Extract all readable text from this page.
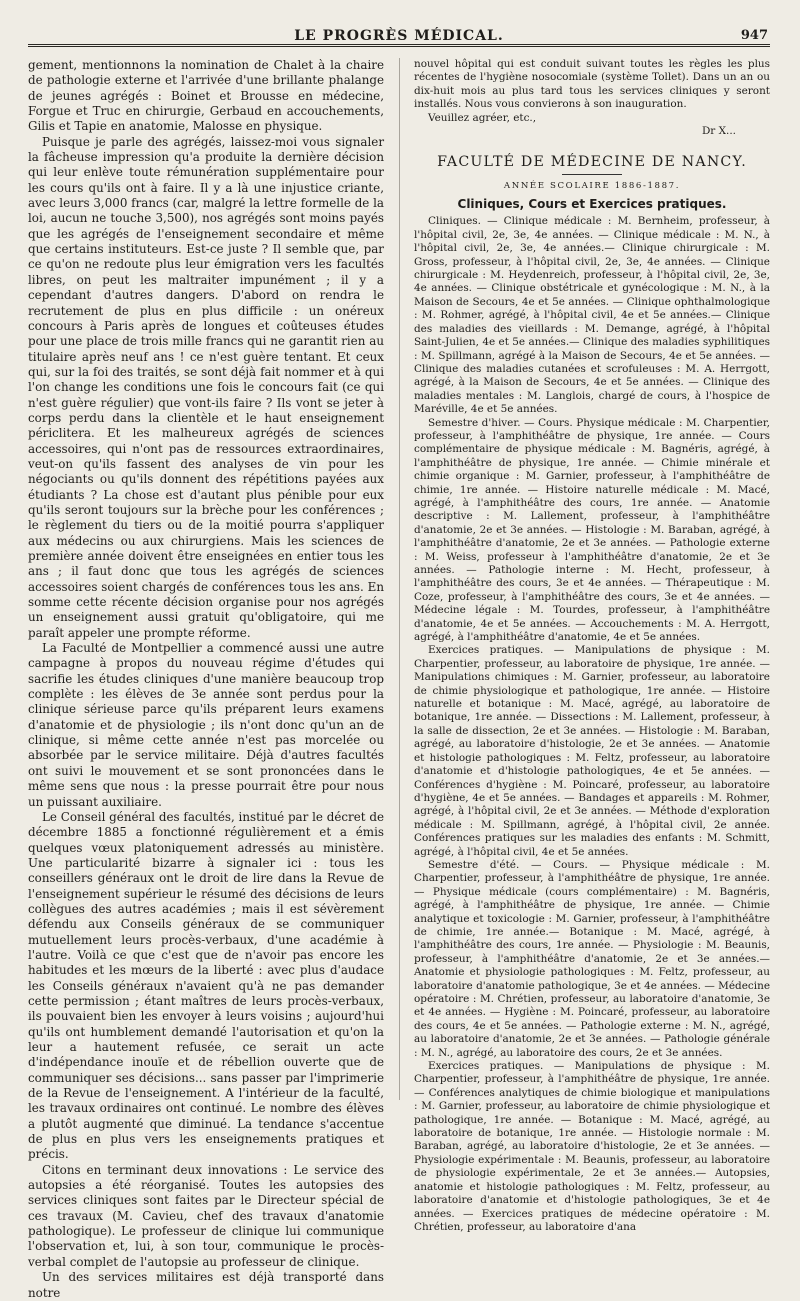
LE PROGRÈS MÉDICAL.	947

gement, mentionnons la nomination de Chalet à la chaire de pathologie externe et l'arrivée d'une brillante phalange de jeunes agrégés : Boinet et Brousse en médecine, Forgue et Truc en chirurgie, Gerbaud en accouchements, Gilis et Tapie en anatomie, Malosse en physique.

Puisque je parle des agrégés, laissez-moi vous signaler la fâcheuse impression qu'a produite la dernière décision qui leur enlève toute rémunération supplémentaire pour les cours qu'ils ont à faire. Il y a là une injustice criante, avec leurs 3,000 francs (car, malgré la lettre formelle de la loi, aucun ne touche 3,500), nos agrégés sont moins payés que les agrégés de l'enseignement secondaire et même que certains instituteurs. Est-ce juste ? Il semble que, par ce qu'on ne redoute plus leur émigration vers les facultés libres, on peut les maltraiter impunément ; il y a cependant d'autres dangers. D'abord on rendra le recrutement de plus en plus difficile : un onéreux concours à Paris après de longues et coûteuses études pour une place de trois mille francs qui ne garantit rien au titulaire après neuf ans ! ce n'est guère tentant. Et ceux qui, sur la foi des traités, se sont déjà fait nommer et à qui l'on change les conditions une fois le concours fait (ce qui n'est guère régulier) que vont-ils faire ? Ils vont se jeter à corps perdu dans la clientèle et le haut enseignement périclitera. Et les malheureux agrégés de sciences accessoires, qui n'ont pas de ressources extraordinaires, veut-on qu'ils fassent des analyses de vin pour les négociants ou qu'ils donnent des répétitions payées aux étudiants ? La chose est d'autant plus pénible pour eux qu'ils seront toujours sur la brèche pour les conférences ; le règlement du tiers ou de la moitié pourra s'appliquer aux médecins ou aux chirurgiens. Mais les sciences de première année doivent être enseignées en entier tous les ans ; il faut donc que tous les agrégés de sciences accessoires soient chargés de conférences tous les ans. En somme cette récente décision organise pour nos agrégés un enseignement aussi gratuit qu'obligatoire, qui me paraît appeler une prompte réforme.

La Faculté de Montpellier a commencé aussi une autre campagne à propos du nouveau régime d'études qui sacrifie les études cliniques d'une manière beaucoup trop complète : les élèves de 3e année sont perdus pour la clinique sérieuse parce qu'ils préparent leurs examens d'anatomie et de physiologie ; ils n'ont donc qu'un an de clinique, si même cette année n'est pas morcelée ou absorbée par le service militaire. Déjà d'autres facultés ont suivi le mouvement et se sont prononcées dans le même sens que nous : la presse pourrait être pour nous un puissant auxiliaire.

Le Conseil général des facultés, institué par le décret de décembre 1885 a fonctionné régulièrement et a émis quelques vœux platoniquement adressés au ministère. Une particularité bizarre à signaler ici : tous les conseillers généraux ont le droit de lire dans la Revue de l'enseignement supérieur le résumé des décisions de leurs collègues des autres académies ; mais il est sévèrement défendu aux Conseils généraux de se communiquer mutuellement leurs procès-verbaux, d'une académie à l'autre. Voilà ce que c'est que de n'avoir pas encore les habitudes et les mœurs de la liberté : avec plus d'audace les Conseils généraux n'avaient qu'à ne pas demander cette permission ; étant maîtres de leurs procès-verbaux, ils pouvaient bien les envoyer à leurs voisins ; aujourd'hui qu'ils ont humblement demandé l'autorisation et qu'on la leur a hautement refusée, ce serait un acte d'indépendance inouïe et de rébellion ouverte que de communiquer ses décisions... sans passer par l'imprimerie de la Revue de l'enseignement. A l'intérieur de la faculté, les travaux ordinaires ont continué. Le nombre des élèves a plutôt augmenté que diminué. La tendance s'accentue de plus en plus vers les enseignements pratiques et précis.

Citons en terminant deux innovations : Le service des autopsies a été réorganisé. Toutes les autopsies des services cliniques sont faites par le Directeur spécial de ces travaux (M. Cavieu, chef des travaux d'anatomie pathologique). Le professeur de clinique lui communique l'observation et, lui, à son tour, communique le procès-verbal complet de l'autopsie au professeur de clinique.

Un des services militaires est déjà transporté dans notre

nouvel hôpital qui est conduit suivant toutes les règles les plus récentes de l'hygiène nosocomiale (système Tollet). Dans un an ou dix-huit mois au plus tard tous les services cliniques y seront installés. Nous vous convierons à son inauguration.

Veuillez agréer, etc.,

Dr X...

FACULTÉ DE MÉDECINE DE NANCY.
ANNÉE SCOLAIRE 1886-1887.
Cliniques, Cours et Exercices pratiques.

Cliniques. — Clinique médicale : M. Bernheim, professeur, à l'hôpital civil, 2e, 3e, 4e années. — Clinique médicale : M. N., à l'hôpital civil, 2e, 3e, 4e années.— Clinique chirurgicale : M. Gross, professeur, à l'hôpital civil, 2e, 3e, 4e années. — Clinique chirurgicale : M. Heydenreich, professeur, à l'hôpital civil, 2e, 3e, 4e années. — Clinique obstétricale et gynécologique : M. N., à la Maison de Secours, 4e et 5e années. — Clinique ophthalmologique : M. Rohmer, agrégé, à l'hôpital civil, 4e et 5e années.— Clinique des maladies des vieillards : M. Demange, agrégé, à l'hôpital Saint-Julien, 4e et 5e années.— Clinique des maladies syphilitiques : M. Spillmann, agrégé à la Maison de Secours, 4e et 5e années. — Clinique des maladies cutanées et scrofuleuses : M. A. Herrgott, agrégé, à la Maison de Secours, 4e et 5e années. — Clinique des maladies mentales : M. Langlois, chargé de cours, à l'hospice de Maréville, 4e et 5e années.

Semestre d'hiver. — Cours. Physique médicale : M. Charpentier, professeur, à l'amphithéâtre de physique, 1re année. — Cours complémentaire de physique médicale : M. Bagnéris, agrégé, à l'amphithéâtre de physique, 1re année. — Chimie minérale et chimie organique : M. Garnier, professeur, à l'amphithéâtre de chimie, 1re année. — Histoire naturelle médicale : M. Macé, agrégé, à l'amphithéâtre des cours, 1re année. — Anatomie descriptive : M. Lallement, professeur, à l'amphithéâtre d'anatomie, 2e et 3e années. — Histologie : M. Baraban, agrégé, à l'amphithéâtre d'anatomie, 2e et 3e années. — Pathologie externe : M. Weiss, professeur à l'amphithéâtre d'anatomie, 2e et 3e années. — Pathologie interne : M. Hecht, professeur, à l'amphithéâtre des cours, 3e et 4e années. — Thérapeutique : M. Coze, professeur, à l'amphithéâtre des cours, 3e et 4e années. — Médecine légale : M. Tourdes, professeur, à l'amphithéâtre d'anatomie, 4e et 5e années. — Accouchements : M. A. Herrgott, agrégé, à l'amphithéâtre d'anatomie, 4e et 5e années.

Exercices pratiques. — Manipulations de physique : M. Charpentier, professeur, au laboratoire de physique, 1re année. — Manipulations chimiques : M. Garnier, professeur, au laboratoire de chimie physiologique et pathologique, 1re année. — Histoire naturelle et botanique : M. Macé, agrégé, au laboratoire de botanique, 1re année. — Dissections : M. Lallement, professeur, à la salle de dissection, 2e et 3e années. — Histologie : M. Baraban, agrégé, au laboratoire d'histologie, 2e et 3e années. — Anatomie et histologie pathologiques : M. Feltz, professeur, au laboratoire d'anatomie et d'histologie pathologiques, 4e et 5e années. — Conférences d'hygiène : M. Poincaré, professeur, au laboratoire d'hygiène, 4e et 5e années. — Bandages et appareils : M. Rohmer, agrégé, à l'hôpital civil, 2e et 3e années. — Méthode d'exploration médicale : M. Spillmann, agrégé, à l'hôpital civil, 2e année. Conférences pratiques sur les maladies des enfants : M. Schmitt, agrégé, à l'hôpital civil, 4e et 5e années.

Semestre d'été. — Cours. — Physique médicale : M. Charpentier, professeur, à l'amphithéâtre de physique, 1re année. — Physique médicale (cours complémentaire) : M. Bagnéris, agrégé, à l'amphithéâtre de physique, 1re année. — Chimie analytique et toxicologie : M. Garnier, professeur, à l'amphithéâtre de chimie, 1re année.— Botanique : M. Macé, agrégé, à l'amphithéâtre des cours, 1re année. — Physiologie : M. Beaunis, professeur, à l'amphithéâtre d'anatomie, 2e et 3e années.—Anatomie et physiologie pathologiques : M. Feltz, professeur, au laboratoire d'anatomie pathologique, 3e et 4e années. — Médecine opératoire : M. Chrétien, professeur, au laboratoire d'anatomie, 3e et 4e années. — Hygiène : M. Poincaré, professeur, au laboratoire des cours, 4e et 5e années. — Pathologie externe : M. N., agrégé, au laboratoire d'anatomie, 2e et 3e années. — Pathologie générale : M. N., agrégé, au laboratoire des cours, 2e et 3e années.

Exercices pratiques. — Manipulations de physique : M. Charpentier, professeur, à l'amphithéâtre de physique, 1re année. — Conférences analytiques de chimie biologique et manipulations : M. Garnier, professeur, au laboratoire de chimie physiologique et pathologique, 1re année. — Botanique : M. Macé, agrégé, au laboratoire de botanique, 1re année. — Histologie normale : M. Baraban, agrégé, au laboratoire d'histologie, 2e et 3e années. — Physiologie expérimentale : M. Beaunis, professeur, au laboratoire de physiologie expérimentale, 2e et 3e années.— Autopsies, anatomie et histologie pathologiques : M. Feltz, professeur, au laboratoire d'anatomie et d'histologie pathologiques, 3e et 4e années. — Exercices pratiques de médecine opératoire : M. Chrétien, professeur, au laboratoire d'ana
